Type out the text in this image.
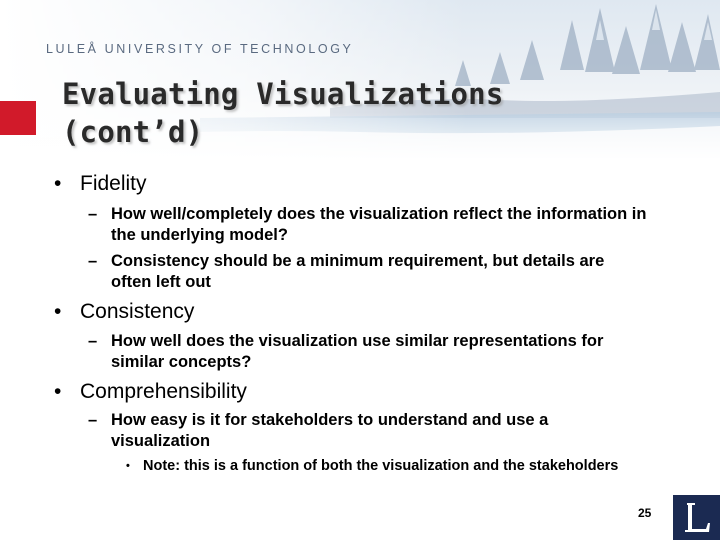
LULEÅ UNIVERSITY OF TECHNOLOGY
Evaluating Visualizations
(cont’d)
• Fidelity
– How well/completely does the visualization reflect the information in the underlying model?
– Consistency should be a minimum requirement, but details are often left out
• Consistency
– How well does the visualization use similar representations for similar concepts?
• Comprehensibility
– How easy is it for stakeholders to understand and use a visualization
• Note: this is a function of both the visualization and the stakeholders
25
